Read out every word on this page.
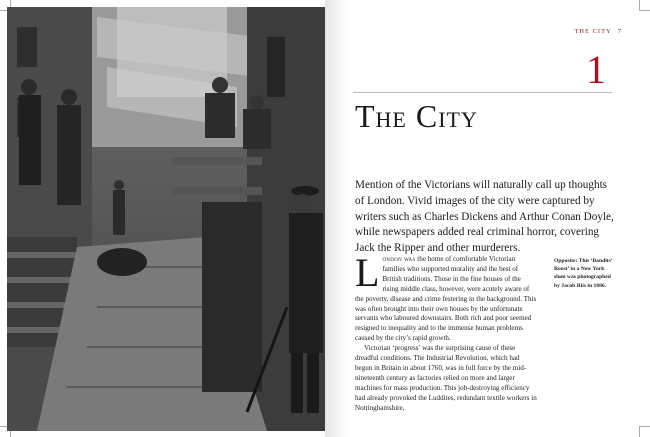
THE CITY 7
1
The City

Mention of the Victorians will naturally call up thoughts of London. Vivid images of the city were captured by writers such as Charles Dickens and Arthur Conan Doyle, while newspapers added real criminal horror, covering Jack the Ripper and other murderers.

London was the home of comfortable Victorian families who supported morality and the best of British traditions. Those in the fine houses of the rising middle class, however, were acutely aware of the poverty, disease and crime festering in the background. This was often brought into their own houses by the unfortunate servants who laboured downstairs. Both rich and poor seemed resigned to inequality and to the immense human problems caused by the city’s rapid growth.

Victorian ‘progress’ was the surprising cause of these dreadful conditions. The Industrial Revolution, which had begun in Britain in about 1760, was in full force by the mid-nineteenth century as factories relied on more and larger machines for mass production. This job-destroying efficiency had already provoked the Luddites, redundant textile workers in Nottinghamshire,

Opposite: This ‘Bandits’ Roost’ in a New York slum was photographed by Jacob Riis in 1886.
